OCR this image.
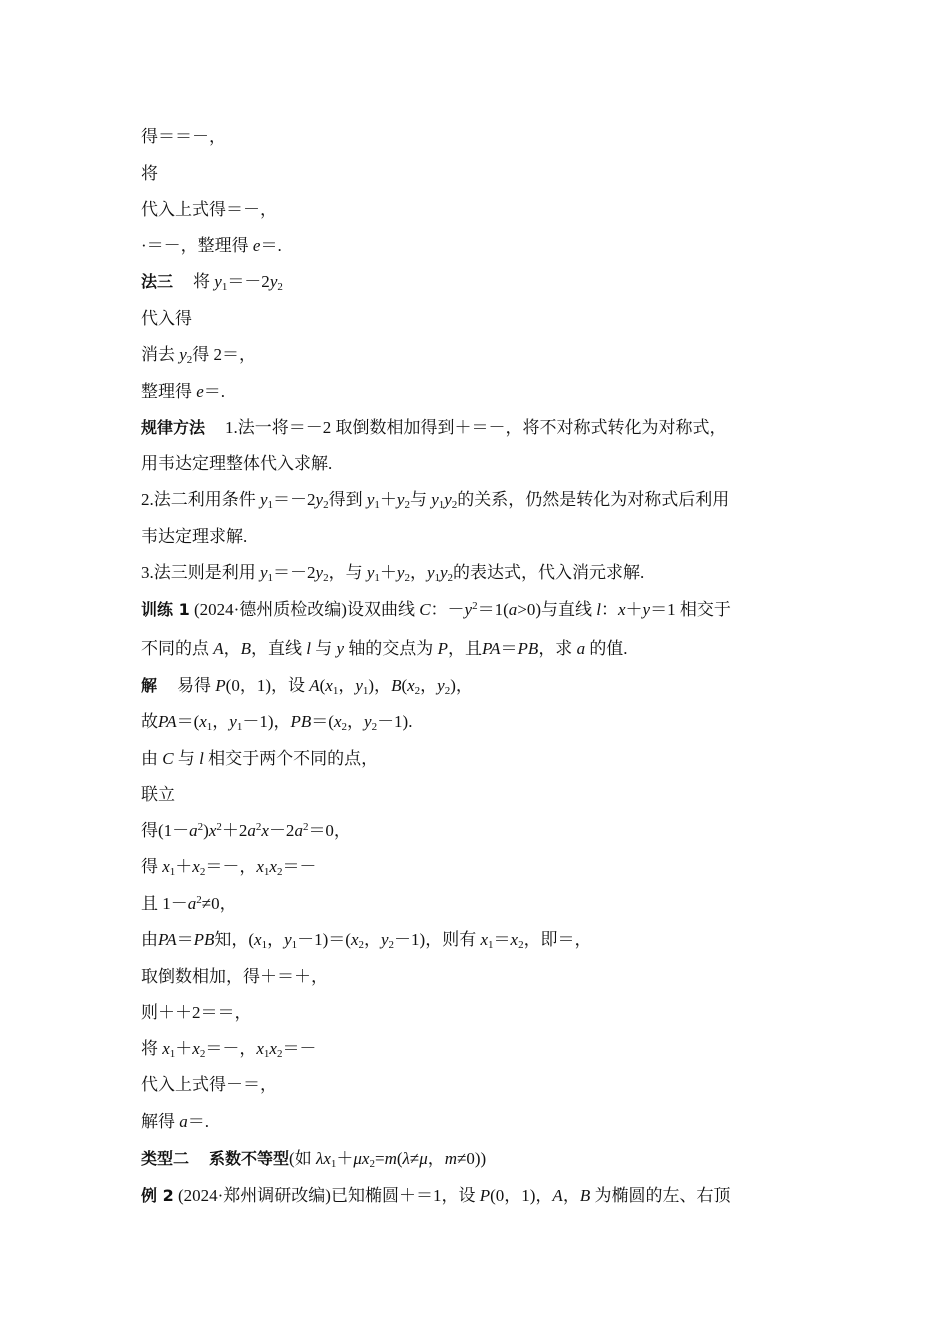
得＝＝－，
将
代入上式得＝－，
·＝－，整理得 e＝.
法三 将 $y_1=-2y_2$
代入得
消去 $y_2$得 2＝，
整理得 e＝.
规律方法 1.法一将＝－2 取倒数相加得到＋＝－，将不对称式转化为对称式，
用韦达定理整体代入求解.
2.法二利用条件 $y_1=-2y_2$得到 $y_1+y_2$与 $y_1y_2$的关系，仍然是转化为对称式后利用
韦达定理求解.
3.法三则是利用 $y_1=-2y_2$，与 $y_1+y_2$，$y_1y_2$的表达式，代入消元求解.
训练 1 (2024·德州质检改编)设双曲线 C：$-y^2=1(a>0)$与直线 l：x＋y＝1 相交于
不同的点 A，B，直线 l 与 y 轴的交点为 P，且PA＝PB，求 a 的值.
解 易得 P(0，1)，设 $A(x_1$，$y_1$)，$B(x_2$，$y_2$)，
故$PA=(x_1$，$y_1-1$)，$PB=(x_2$，$y_2-1$).
由 C 与 l 相交于两个不同的点，
联立
得$(1-a^2)x^2+2a^2x-2a^2=0$，
得 $x_1+x_2=-$，$x_1x_2=-$
且 $1-a^2\ne 0$，
由PA＝PB知，($x_1$，$y_1-1)=(x_2$，$y_2-1$)，则有 $x_1=x_2$，即＝，
取倒数相加，得＋＝＋，
则＋＋2＝＝，
将 $x_1+x_2=-$，$x_1x_2=-$
代入上式得－＝，
解得 a＝.
类型二 系数不等型(如 $\lambda x_1+\mu x_2=m(\lambda\ne\mu$，m≠0))
例 2 (2024·郑州调研改编)已知椭圆＋＝1，设 P(0，1)，A，B 为椭圆的左、右顶
